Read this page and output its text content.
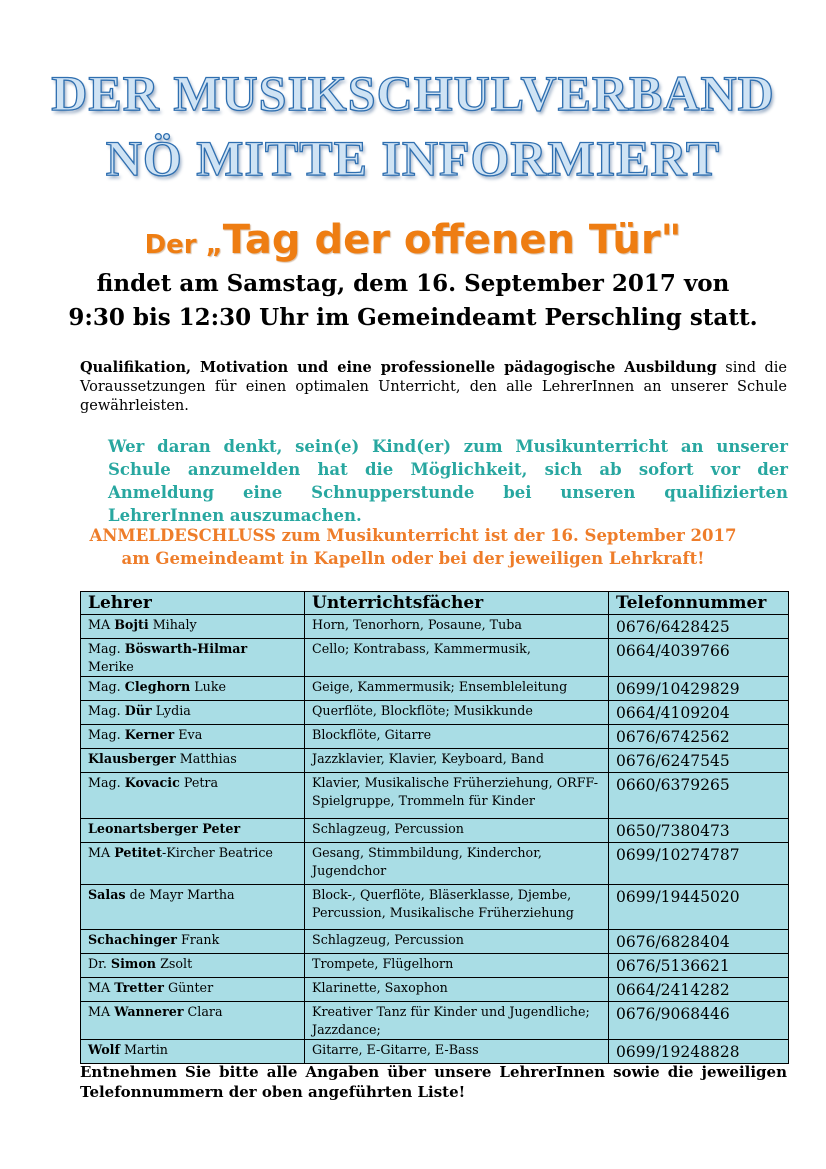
DER MUSIKSCHULVERBAND
NÖ MITTE INFORMIERT
Der „Tag der offenen Tür"
findet am Samstag, dem 16. September 2017 von
9:30 bis 12:30 Uhr im Gemeindeamt Perschling statt.
Qualifikation, Motivation und eine professionelle pädagogische Ausbildung sind die Voraussetzungen für einen optimalen Unterricht, den alle LehrerInnen an unserer Schule gewährleisten.
Wer daran denkt, sein(e) Kind(er) zum Musikunterricht an unserer Schule anzumelden hat die Möglichkeit, sich ab sofort vor der Anmeldung eine Schnupperstunde bei unseren qualifizierten LehrerInnen auszumachen.
ANMELDESCHLUSS zum Musikunterricht ist der 16. September 2017
am Gemeindeamt in Kapelln oder bei der jeweiligen Lehrkraft!
Lehrer	Unterrichtsfächer	Telefonnummer
MA Bojti Mihaly	Horn, Tenorhorn, Posaune, Tuba	0676/6428425
Mag. Böswarth-Hilmar Merike	Cello; Kontrabass, Kammermusik,	0664/4039766
Mag. Cleghorn Luke	Geige, Kammermusik; Ensembleleitung	0699/10429829
Mag. Dür Lydia	Querflöte, Blockflöte; Musikkunde	0664/4109204
Mag. Kerner Eva	Blockflöte, Gitarre	0676/6742562
Klausberger Matthias	Jazzklavier, Klavier, Keyboard, Band	0676/6247545
Mag. Kovacic Petra	Klavier, Musikalische Früherziehung, ORFF-Spielgruppe, Trommeln für Kinder	0660/6379265
Leonartsberger Peter	Schlagzeug, Percussion	0650/7380473
MA Petitet-Kircher Beatrice	Gesang, Stimmbildung, Kinderchor, Jugendchor	0699/10274787
Salas de Mayr Martha	Block-, Querflöte, Bläserklasse, Djembe, Percussion, Musikalische Früherziehung	0699/19445020
Schachinger Frank	Schlagzeug, Percussion	0676/6828404
Dr. Simon Zsolt	Trompete, Flügelhorn	0676/5136621
MA Tretter Günter	Klarinette, Saxophon	0664/2414282
MA Wannerer Clara	Kreativer Tanz für Kinder und Jugendliche; Jazzdance;	0676/9068446
Wolf Martin	Gitarre, E-Gitarre, E-Bass	0699/19248828
Entnehmen Sie bitte alle Angaben über unsere LehrerInnen sowie die jeweiligen Telefonnummern der oben angeführten Liste!
